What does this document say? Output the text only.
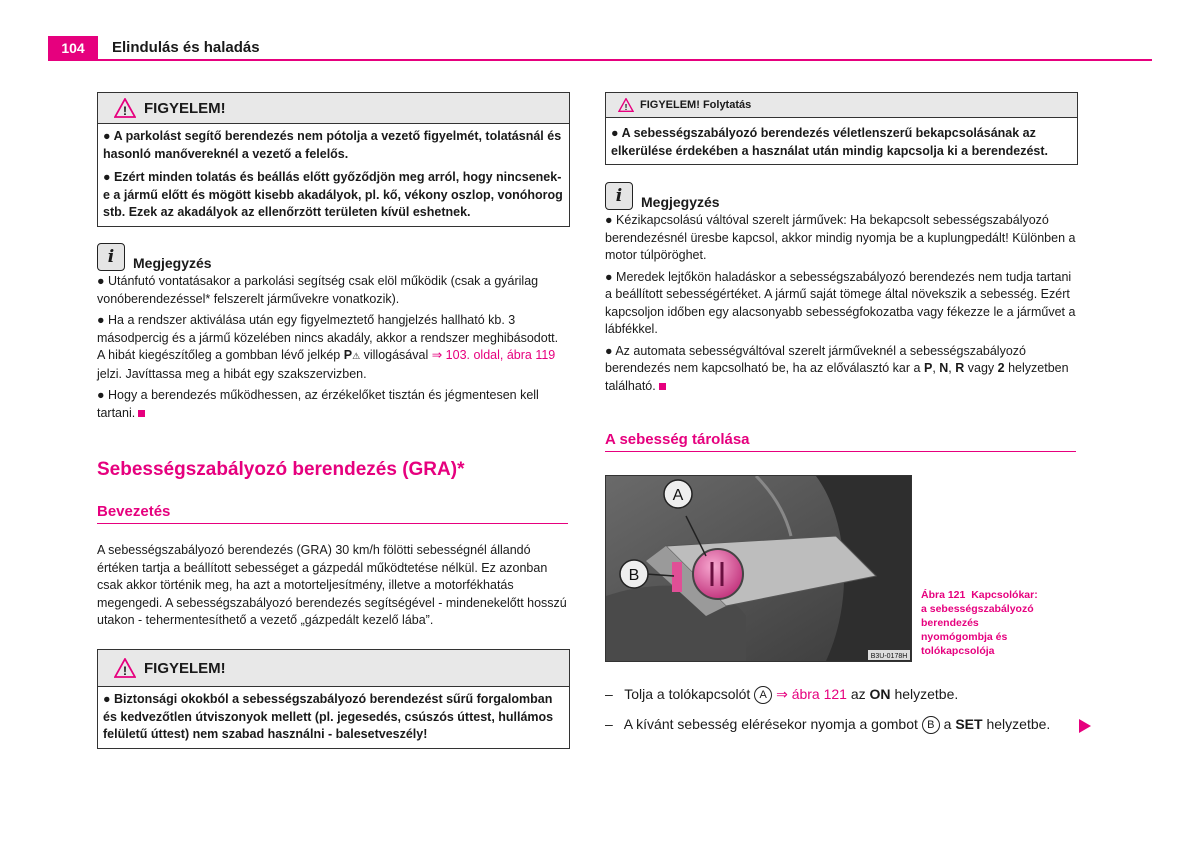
104	Elindulás és haladás
! FIGYELEM!

● A parkolást segítő berendezés nem pótolja a vezető figyelmét, tolatásnál és hasonló manővereknél a vezető a felelős.

● Ezért minden tolatás és beállás előtt győződjön meg arról, hogy nincsenek-e a jármű előtt és mögött kisebb akadályok, pl. kő, vékony oszlop, vonóhorog stb. Ezek az akadályok az ellenőrzött területen kívül eshetnek.

i	Megjegyzés

● Utánfutó vontatásakor a parkolási segítség csak elöl működik (csak a gyárilag vonóberendezéssel* felszerelt járművekre vonatkozik).

● Ha a rendszer aktiválása után egy figyelmeztető hangjelzés hallható kb. 3 másodpercig és a jármű közelében nincs akadály, akkor a rendszer meghibásodott. A hibát kiegészítőleg a gombban lévő jelkép P⚠ villogásával ⇒ 103. oldal, ábra 119 jelzi. Javíttassa meg a hibát egy szakszervizben.

● Hogy a berendezés működhessen, az érzékelőket tisztán és jégmentesen kell tartani.

Sebességszabályozó berendezés (GRA)*
Bevezetés
A sebességszabályozó berendezés (GRA) 30 km/h fölötti sebességnél állandó értéken tartja a beállított sebességet a gázpedál működtetése nélkül. Ez azonban csak akkor történik meg, ha azt a motorteljesítmény, illetve a motorfékhatás megengedi. A sebességszabályozó berendezés segítségével - mindenekelőtt hosszú utakon - tehermentesíthető a vezető „gázpedált kezelő lába”.
! FIGYELEM!

● Biztonsági okokból a sebességszabályozó berendezést sűrű forgalomban és kedvezőtlen útviszonyok mellett (pl. jegesedés, csúszós úttest, hullámos felületű úttest) nem szabad használni - balesetveszély!

! FIGYELEM! Folytatás

● A sebességszabályozó berendezés véletlenszerű bekapcsolásának az elkerülése érdekében a használat után mindig kapcsolja ki a berendezést.

i	Megjegyzés

● Kézikapcsolású váltóval szerelt járművek: Ha bekapcsolt sebességszabályozó berendezésnél üresbe kapcsol, akkor mindig nyomja be a kuplungpedált! Különben a motor túlpöröghet.

● Meredek lejtőkön haladáskor a sebességszabályozó berendezés nem tudja tartani a beállított sebességértéket. A jármű saját tömege által növekszik a sebesség. Ezért kapcsoljon időben egy alacsonyabb sebességfokozatba vagy fékezze le a járművet a lábfékkel.

● Az automata sebességváltóval szerelt járműveknél a sebességszabályozó berendezés nem kapcsolható be, ha az előválasztó kar a P, N, R vagy 2 helyzetben található.

A sebesség tárolása
A
B
B3U-0178H
Ábra 121 Kapcsolókar: a sebességszabályozó berendezés nyomógombja és tolókapcsolója
– Tolja a tolókapcsolót A ⇒ ábra 121 az ON helyzetbe.
– A kívánt sebesség elérésekor nyomja a gombot B a SET helyzetbe.
